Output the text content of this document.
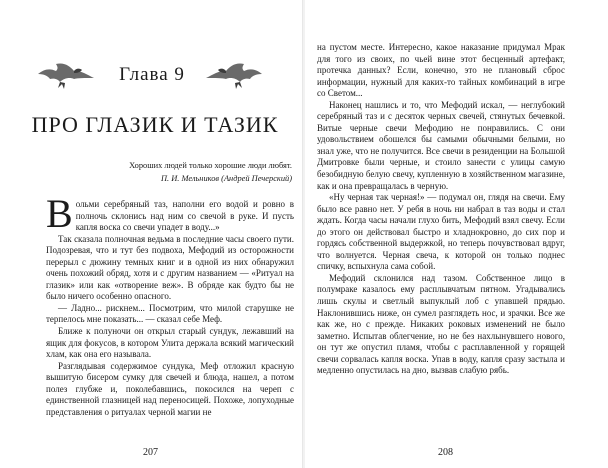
Глава 9
ПРО ГЛАЗИК И ТАЗИК
Хороших людей только хорошие люди любят.
П. И. Мельников (Андрей Печерский)

Вольми серебряный таз, наполни его водой и ровно в полночь склонись над ним со свечой в руке. И пусть капля воска со свечи упадет в воду...»

Так сказала полночная ведьма в последние часы своего пути. Подозревая, что и тут без подвоха, Мефодий из осторожности перерыл с дюжину темных книг и в одной из них обнаружил очень похожий обряд, хотя и с другим названием — «Ритуал на глазик» или как «отворение веж». В обряде как будто бы не было ничего особенно опасного.

— Ладно... рискнем... Посмотрим, что милой старушке не терпелось мне показать... — сказал себе Меф.

Ближе к полуночи он открыл старый сундук, лежавший на ящик для фокусов, в котором Улита держала всякий магический хлам, как она его называла.

Разглядывая содержимое сундука, Меф отложил красную вышитую бисером сумку для свечей и блюда, нашел, а потом полез глубже и, поколебавшись, покосился на череп с единственной глазницей над переносицей. Похоже, лопуходные представления о ритуалах черной магии не

207

на пустом месте. Интересно, какое наказание придумал Мрак для того из своих, по чьей вине этот бесценный артефакт, протечка данных? Если, конечно, это не плановый сброс информации, нужный для каких-то тайных комбинаций в игре со Светом...

Наконец нашлись и то, что Мефодий искал, — неглубокий серебряный таз и с десяток черных свечей, стянутых бечевкой. Витые черные свечи Мефодию не понравились. С они удовольствием обошелся бы самыми обычными белыми, но знал уже, что не получится. Все свечи в резиденции на Большой Дмитровке были черные, и стоило занести с улицы самую безобидную белую свечу, купленную в хозяйственном магазине, как и она превращалась в черную.

«Ну черная так черная!» — подумал он, глядя на свечи. Ему было все равно нет. У ребя в ночь ни набрал в таз воды и стал ждать. Когда часы начали глухо бить, Мефодий взял свечу. Если до этого он действовал быстро и хладнокровно, до сих пор и гордясь собственной выдержкой, но теперь почувствовал вдруг, что волнуется. Черная свеча, к которой он только поднес спичку, вспыхнула сама собой.

Мефодий склонился над тазом. Собственное лицо в полумраке казалось ему расплывчатым пятном. Угадывались лишь скулы и светлый выпуклый лоб с упавшей прядью. Наклонившись ниже, он сумел разглядеть нос, и зрачки. Все же как же, но с прежде. Никаких роковых изменений не было заметно. Испытав облегчение, но не без нахлынувшего нового, он тут же опустил пламя, чтобы с расплавленной у горящей свечи сорвалась капля воска. Упав в воду, капля сразу застыла и медленно опустилась на дно, вызвав слабую рябь.

208
